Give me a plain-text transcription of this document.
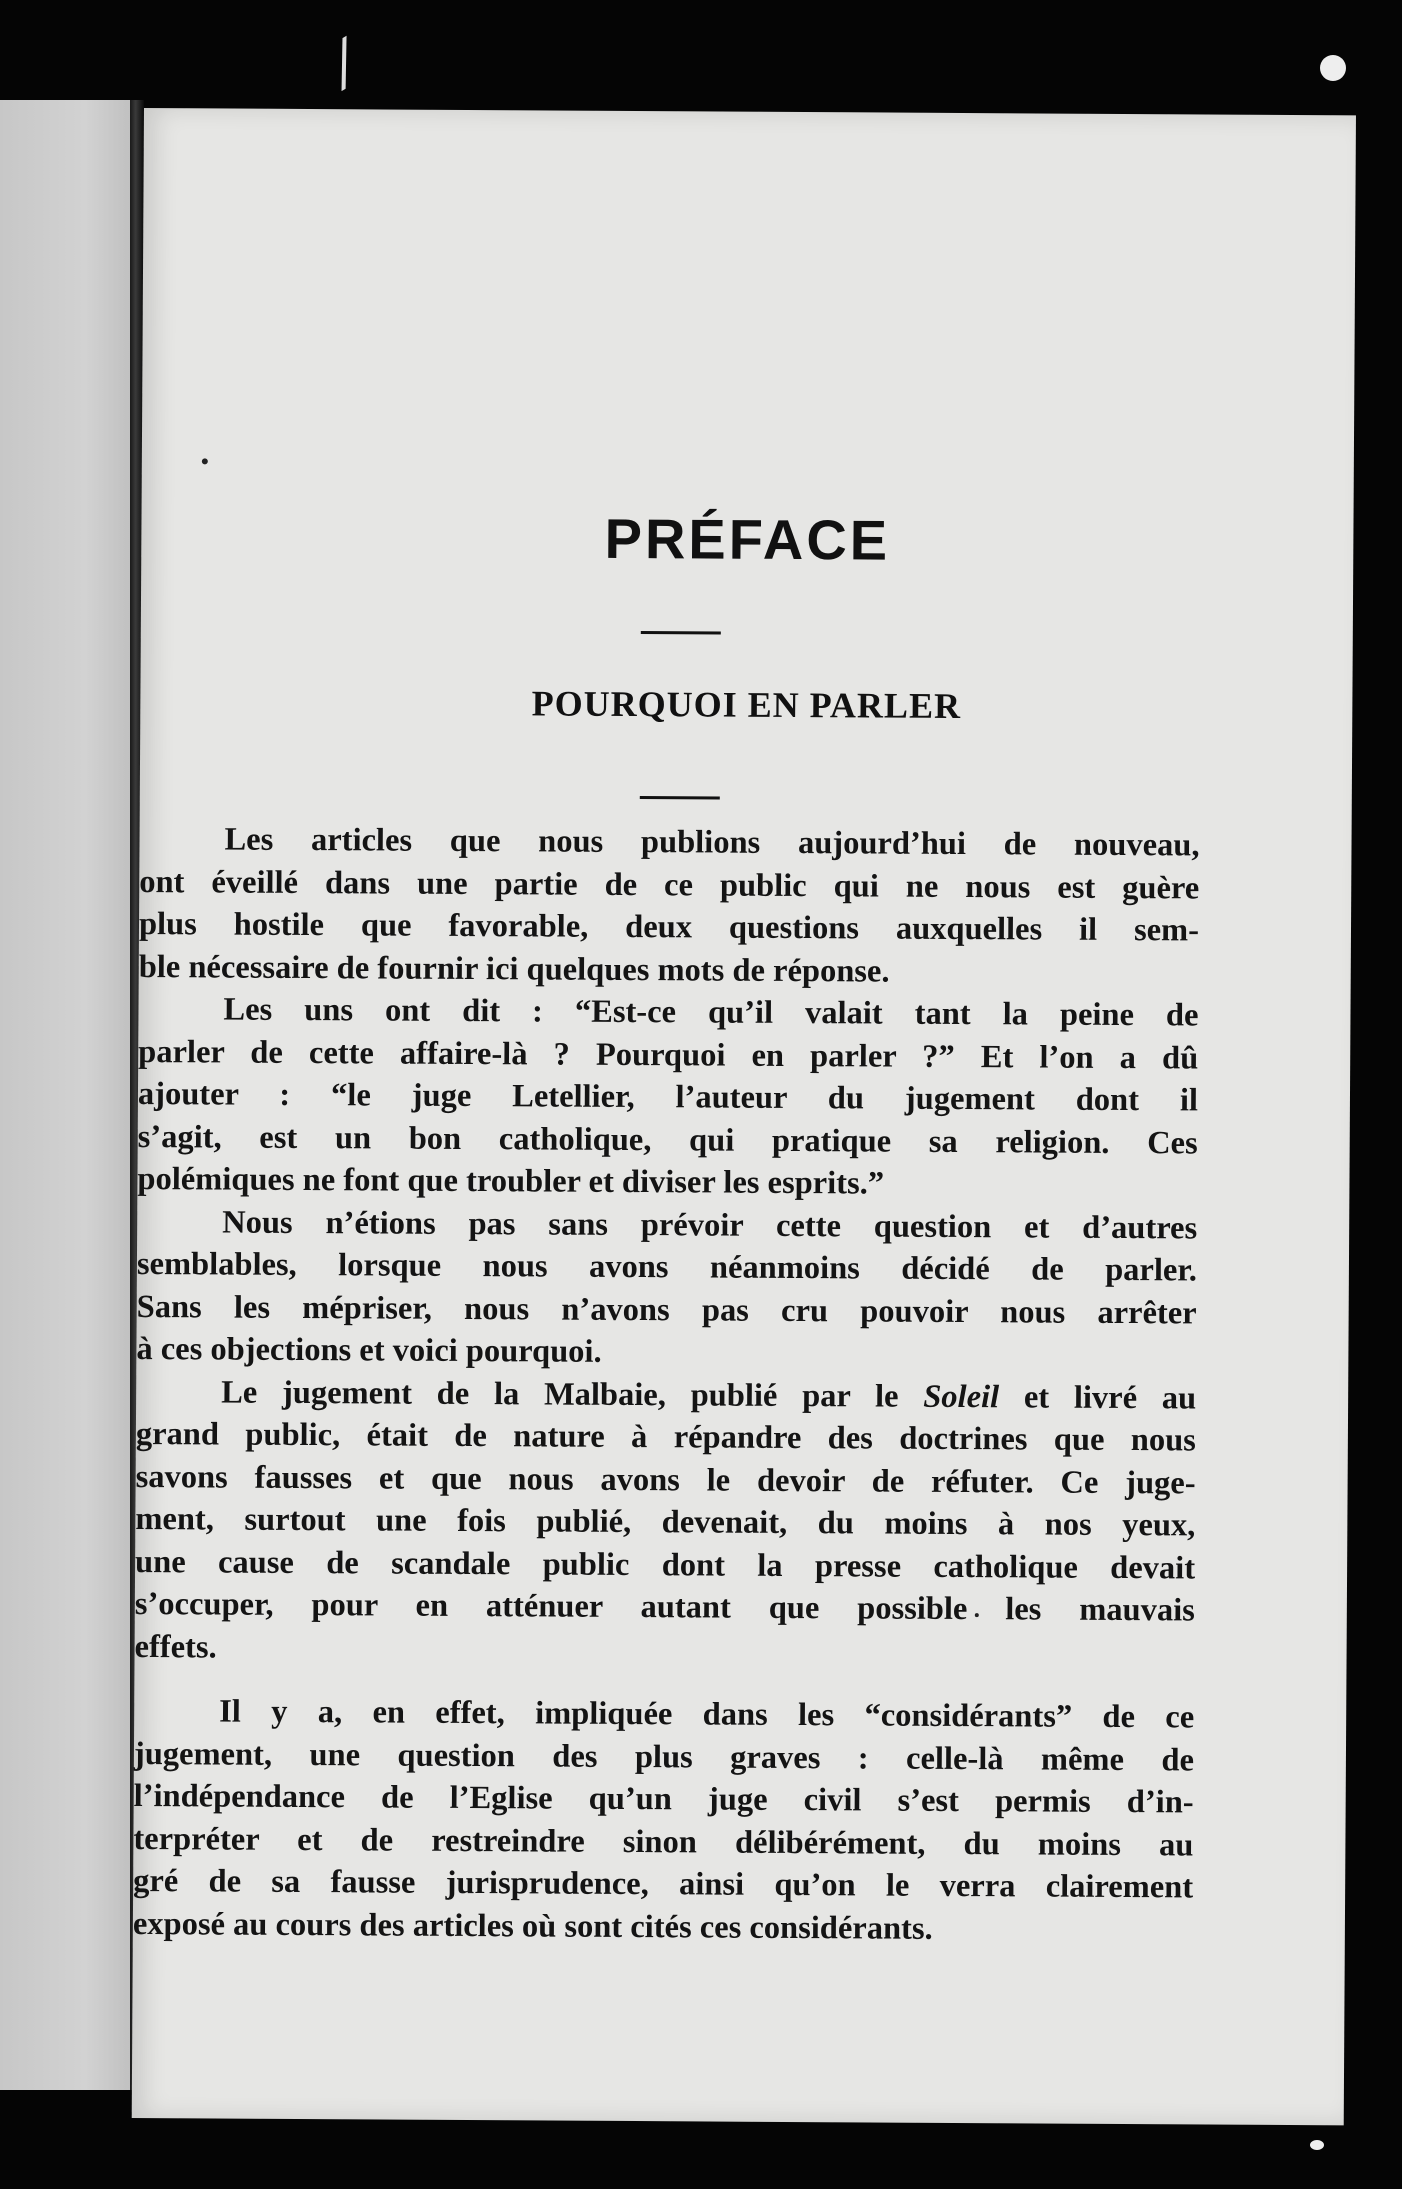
⁄
PRÉFACE
POURQUOI EN PARLER
Les articles que nous publions aujourd’hui de nouveau,
ont éveillé dans une partie de ce public qui ne nous est guère
plus hostile que favorable, deux questions auxquelles il sem-
ble nécessaire de fournir ici quelques mots de réponse.
Les uns ont dit : “Est-ce qu’il valait tant la peine de
parler de cette affaire-là ? Pourquoi en parler ?” Et l’on a dû
ajouter : “le juge Letellier, l’auteur du jugement dont il
s’agit, est un bon catholique, qui pratique sa religion. Ces
polémiques ne font que troubler et diviser les esprits.”
Nous n’étions pas sans prévoir cette question et d’autres
semblables, lorsque nous avons néanmoins décidé de parler.
Sans les mépriser, nous n’avons pas cru pouvoir nous arrêter
à ces objections et voici pourquoi.
Le jugement de la Malbaie, publié par le Soleil et livré au
grand public, était de nature à répandre des doctrines que nous
savons fausses et que nous avons le devoir de réfuter. Ce juge-
ment, surtout une fois publié, devenait, du moins à nos yeux,
une cause de scandale public dont la presse catholique devait
s’occuper, pour en atténuer autant que possible les mauvais
effets.
Il y a, en effet, impliquée dans les “considérants” de ce
jugement, une question des plus graves : celle-là même de
l’indépendance de l’Eglise qu’un juge civil s’est permis d’in-
terpréter et de restreindre sinon délibérément, du moins au
gré de sa fausse jurisprudence, ainsi qu’on le verra clairement
exposé au cours des articles où sont cités ces considérants.
